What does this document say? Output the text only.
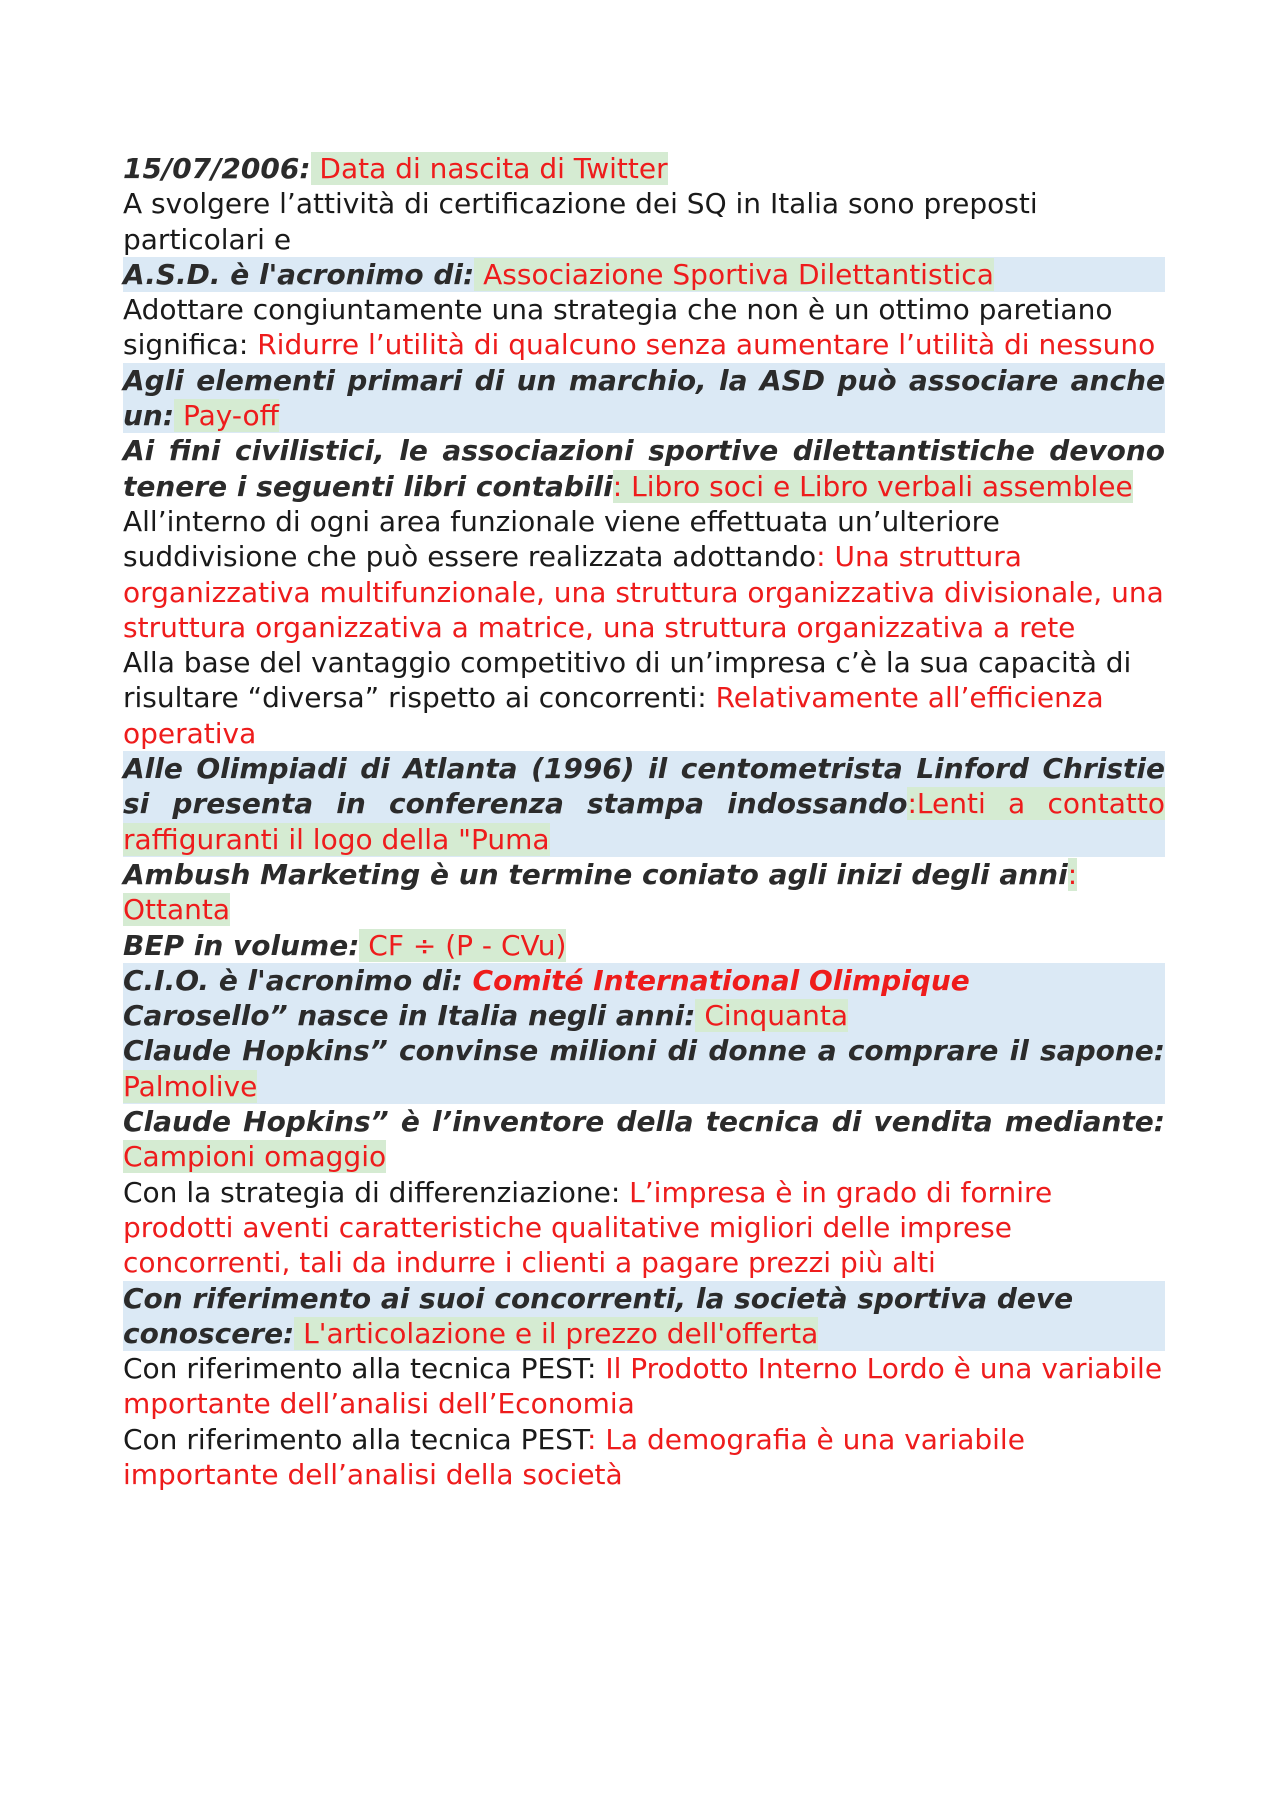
15/07/2006: Data di nascita di Twitter

A svolgere l’attività di certificazione dei SQ in Italia sono preposti particolari e

A.S.D. è l'acronimo di: Associazione Sportiva Dilettantistica

Adottare congiuntamente una strategia che non è un ottimo paretiano significa: Ridurre l’utilità di qualcuno senza aumentare l’utilità di nessuno

Agli elementi primari di un marchio, la ASD può associare anche un: Pay-off

Ai fini civilistici, le associazioni sportive dilettantistiche devono tenere i seguenti libri contabili: Libro soci e Libro verbali assemblee

All’interno di ogni area funzionale viene effettuata un’ulteriore suddivisione che può essere realizzata adottando: Una struttura organizzativa multifunzionale, una struttura organizzativa divisionale, una struttura organizzativa a matrice, una struttura organizzativa a rete

Alla base del vantaggio competitivo di un’impresa c’è la sua capacità di risultare “diversa” rispetto ai concorrenti: Relativamente all’efficienza operativa

Alle Olimpiadi di Atlanta (1996) il centometrista Linford Christie si presenta in conferenza stampa indossando:Lenti a contatto raffiguranti il logo della "Puma

Ambush Marketing è un termine coniato agli inizi degli anni: Ottanta

BEP in volume: CF ÷ (P - CVu)

C.I.O. è l'acronimo di: Comité International Olimpique

Carosello” nasce in Italia negli anni: Cinquanta

Claude Hopkins” convinse milioni di donne a comprare il sapone: Palmolive

Claude Hopkins” è l’inventore della tecnica di vendita mediante: Campioni omaggio

Con la strategia di differenziazione: L’impresa è in grado di fornire prodotti aventi caratteristiche qualitative migliori delle imprese concorrenti, tali da indurre i clienti a pagare prezzi più alti

Con riferimento ai suoi concorrenti, la società sportiva deve conoscere: L'articolazione e il prezzo dell'offerta

Con riferimento alla tecnica PEST: Il Prodotto Interno Lordo è una variabile mportante dell’analisi dell’Economia

Con riferimento alla tecnica PEST: La demografia è una variabile importante dell’analisi della società
